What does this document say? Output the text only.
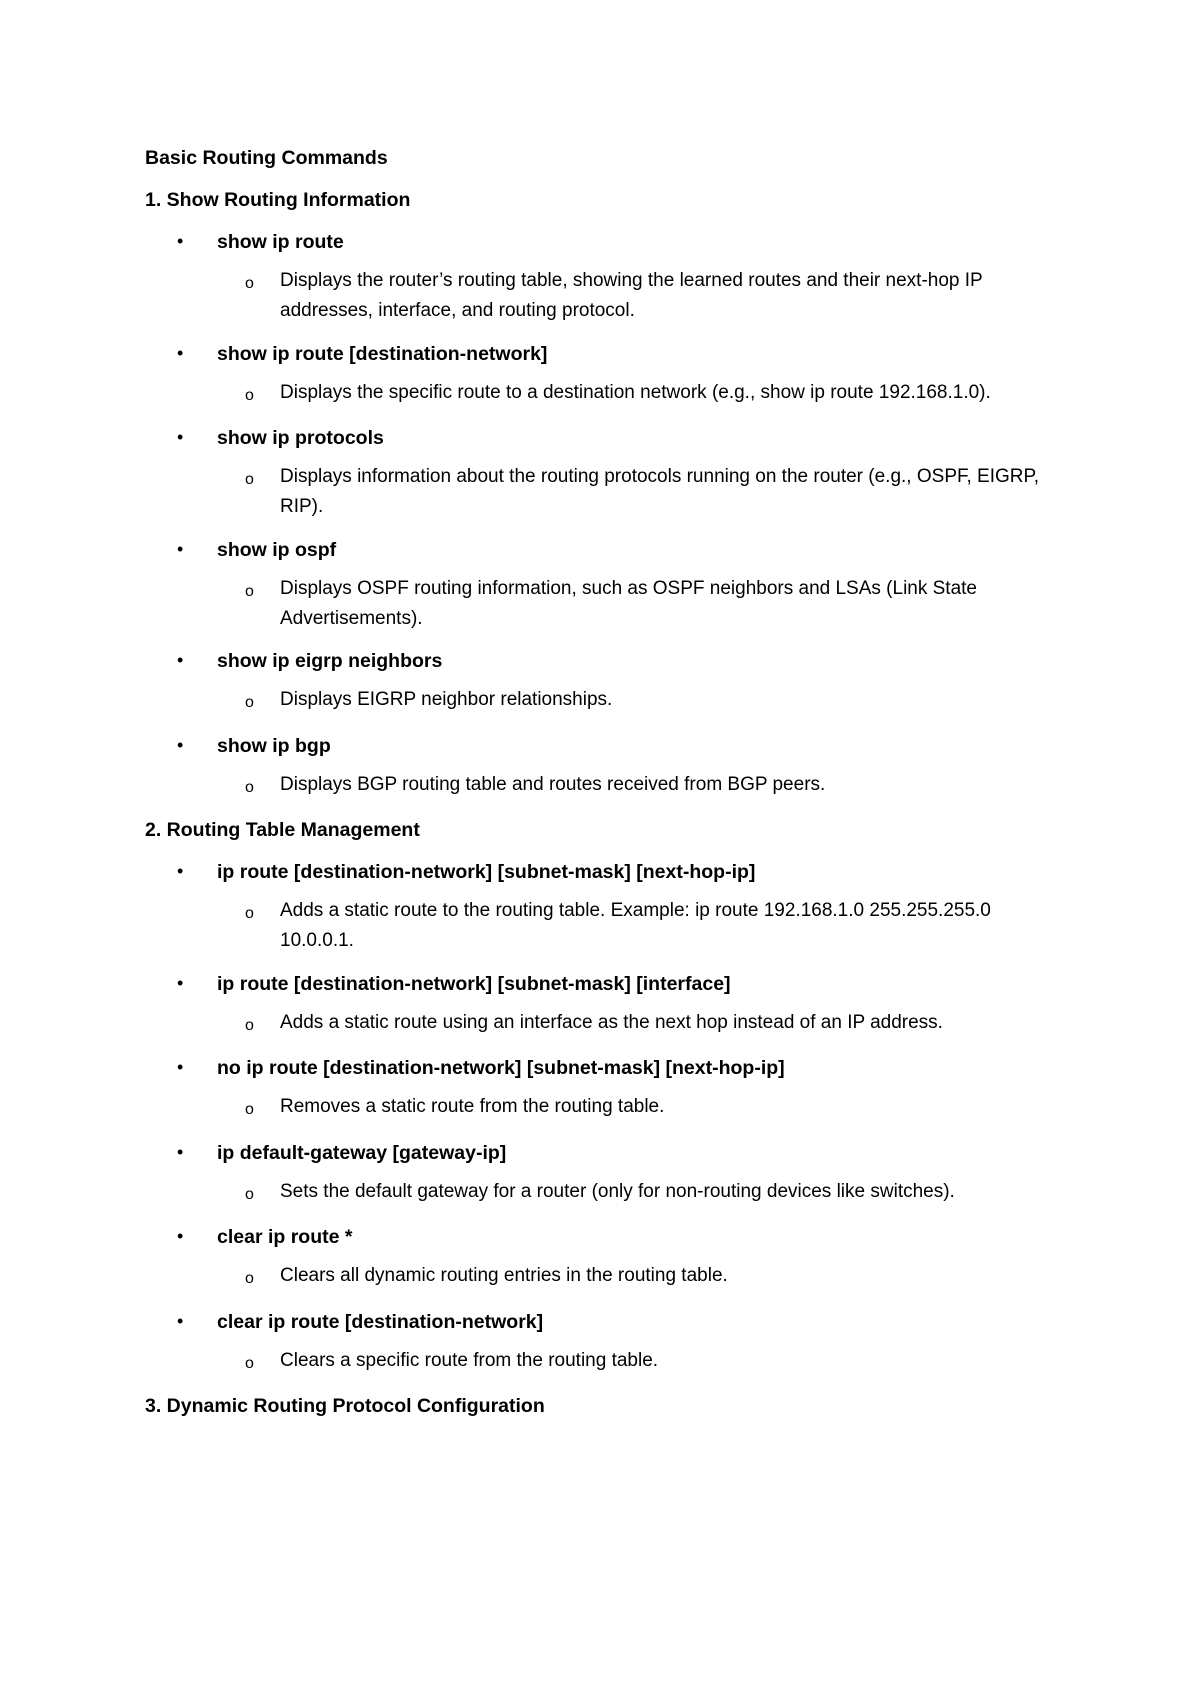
Basic Routing Commands
1. Show Routing Information
• show ip route
o Displays the router’s routing table, showing the learned routes and their next-hop IP addresses, interface, and routing protocol.
• show ip route [destination-network]
o Displays the specific route to a destination network (e.g., show ip route 192.168.1.0).
• show ip protocols
o Displays information about the routing protocols running on the router (e.g., OSPF, EIGRP, RIP).
• show ip ospf
o Displays OSPF routing information, such as OSPF neighbors and LSAs (Link State Advertisements).
• show ip eigrp neighbors
o Displays EIGRP neighbor relationships.
• show ip bgp
o Displays BGP routing table and routes received from BGP peers.
2. Routing Table Management
• ip route [destination-network] [subnet-mask] [next-hop-ip]
o Adds a static route to the routing table. Example: ip route 192.168.1.0 255.255.255.0 10.0.0.1.
• ip route [destination-network] [subnet-mask] [interface]
o Adds a static route using an interface as the next hop instead of an IP address.
• no ip route [destination-network] [subnet-mask] [next-hop-ip]
o Removes a static route from the routing table.
• ip default-gateway [gateway-ip]
o Sets the default gateway for a router (only for non-routing devices like switches).
• clear ip route *
o Clears all dynamic routing entries in the routing table.
• clear ip route [destination-network]
o Clears a specific route from the routing table.
3. Dynamic Routing Protocol Configuration
